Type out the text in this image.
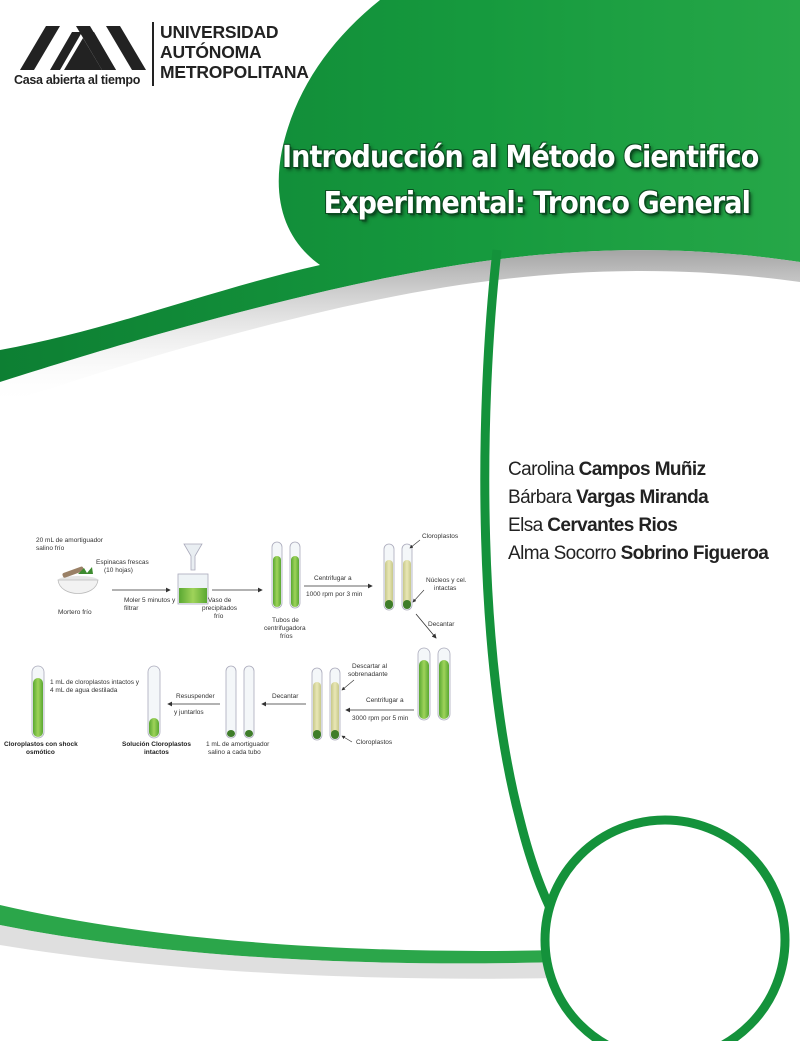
Casa abierta al tiempo
UNIVERSIDAD
AUTÓNOMA
METROPOLITANA
Introducción al Método Cientifico
Experimental: Tronco General
Carolina Campos Muñiz
Bárbara Vargas Miranda
Elsa Cervantes Rios
Alma Socorro Sobrino Figueroa
20 mL de amortiguador
salino frío
Espinacas frescas
(10 hojas)
Mortero frío
Moler 5 minutos y
filtrar
Vaso de
precipitados
frío
Tubos de
centrifugadora
fríos
Centrifugar a
1000 rpm por 3 min
Cloroplastos
Núcleos y cel.
intactas
Decantar
Centrifugar a
3000 rpm por 5 min
Descartar al
sobrenadante
Cloroplastos
Decantar
1 mL de amortiguador
salino a cada tubo
Resuspender
y juntarlos
Solución Cloroplastos
intactos
1 mL de cloroplastos intactos y
4 mL de agua destilada
Cloroplastos con shock
osmótico
